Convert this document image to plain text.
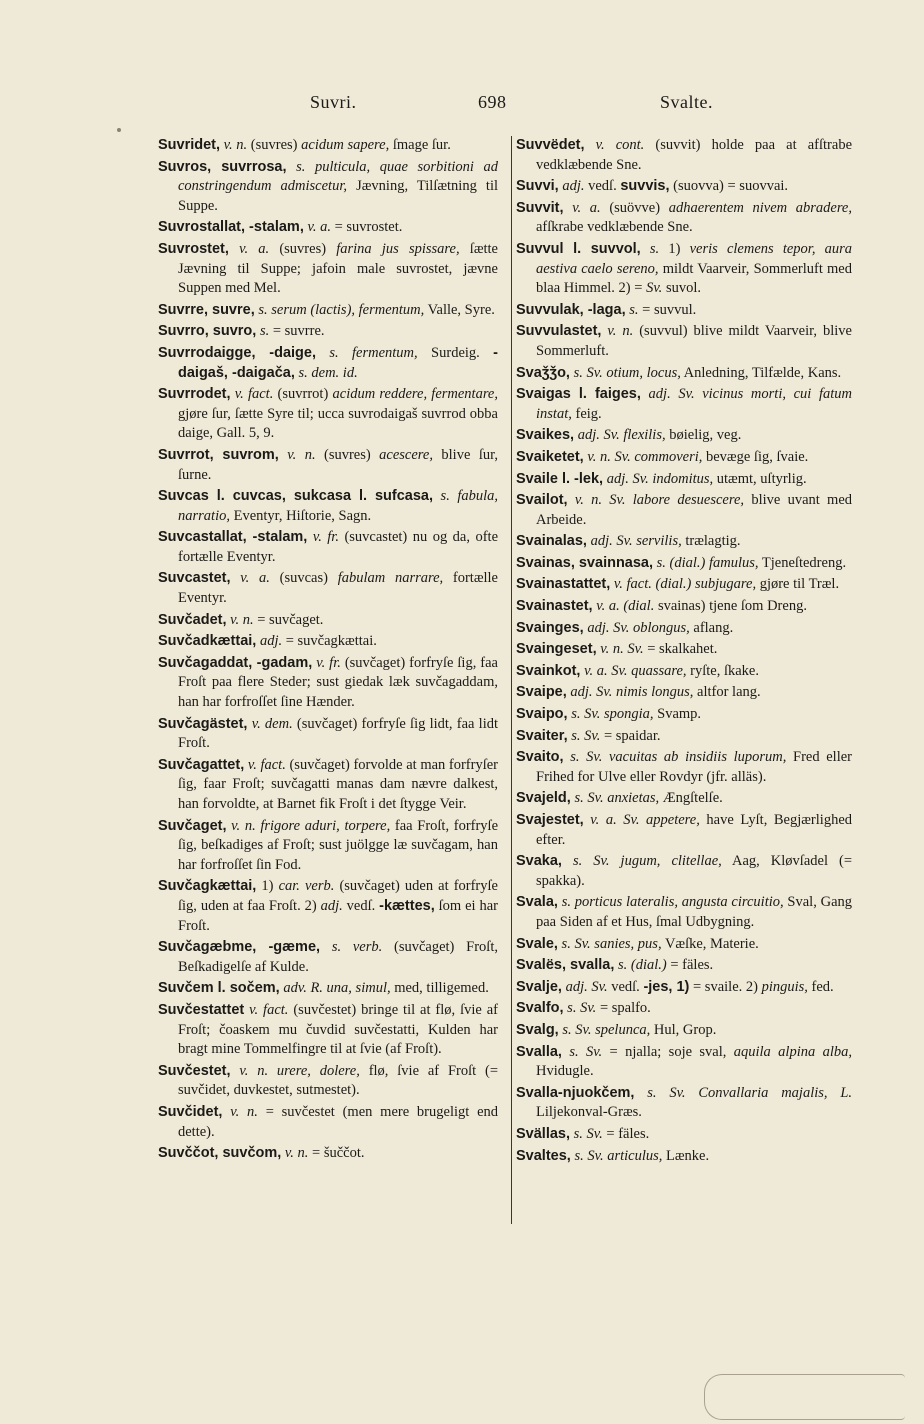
Suvri.	698	Svalte.
Suvridet, v. n. (suvres) acidum sapere, ſmage ſur.
Suvros, suvrrosa, s. pulticula, quae sorbitioni ad constringendum admiscetur, Jævning, Tilſætning til Suppe.
Suvrostallat, -stalam, v. a. = suvrostet.
Suvrostet, v. a. (suvres) farina jus spissare, ſætte Jævning til Suppe; jafoin male suvrostet, jævne Suppen med Mel.
Suvrre, suvre, s. serum (lactis), fermentum, Valle, Syre.
Suvrro, suvro, s. = suvrre.
Suvrrodaigge, -daige, s. fermentum, Surdeig. -daigaš, -daigača, s. dem. id.
Suvrrodet, v. fact. (suvrrot) acidum reddere, fermentare, gjøre ſur, ſætte Syre til; ucca suvrodaigaš suvrrod obba daige, Gall. 5, 9.
Suvrrot, suvrom, v. n. (suvres) acescere, blive ſur, ſurne.
Suvcas l. cuvcas, sukcasa l. sufcasa, s. fabula, narratio, Eventyr, Hiſtorie, Sagn.
Suvcastallat, -stalam, v. fr. (suvcastet) nu og da, ofte fortælle Eventyr.
Suvcastet, v. a. (suvcas) fabulam narrare, fortælle Eventyr.
Suvčadet, v. n. = suvčaget.
Suvčadkættai, adj. = suvčagkættai.
Suvčagaddat, -gadam, v. fr. (suvčaget) forfryſe ſig, faa Froſt paa flere Steder; sust giedak læk suvčagaddam, han har forfroſſet ſine Hænder.
Suvčagästet, v. dem. (suvčaget) forfryſe ſig lidt, faa lidt Froſt.
Suvčagattet, v. fact. (suvčaget) forvolde at man forfryſer ſig, faar Froſt; suvčagatti manas dam nævre dalkest, han forvoldte, at Barnet fik Froſt i det ſtygge Veir.
Suvčaget, v. n. frigore aduri, torpere, faa Froſt, forfryſe ſig, beſkadiges af Froſt; sust juölgge læ suvčagam, han har forfroſſet ſin Fod.
Suvčagkættai, 1) car. verb. (suvčaget) uden at forfryſe ſig, uden at faa Froſt. 2) adj. vedſ. -kættes, ſom ei har Froſt.
Suvčagæbme, -gæme, s. verb. (suvčaget) Froſt, Beſkadigelſe af Kulde.
Suvčem l. sočem, adv. R. una, simul, med, tilligemed.
Suvčestattet v. fact. (suvčestet) bringe til at flø, ſvie af Froſt; čoaskem mu čuvdid suvčestatti, Kulden har bragt mine Tommelfingre til at ſvie (af Froſt).
Suvčestet, v. n. urere, dolere, flø, ſvie af Froſt (= suvčidet, duvkestet, sutmestet).
Suvčidet, v. n. = suvčestet (men mere brugeligt end dette).
Suvččot, suvčom, v. n. = šuččot.
Suvvëdet, v. cont. (suvvit) holde paa at afſtrabe vedklæbende Sne.
Suvvi, adj. vedſ. suvvis, (suovva) = suovvai.
Suvvit, v. a. (suövve) adhaerentem nivem abradere, afſkrabe vedklæbende Sne.
Suvvul l. suvvol, s. 1) veris clemens tepor, aura aestiva caelo sereno, mildt Vaarveir, Sommerluft med blaa Himmel. 2) = Sv. suvol.
Suvvulak, -laga, s. = suvvul.
Suvvulastet, v. n. (suvvul) blive mildt Vaarveir, blive Sommerluft.
Svaǯǯo, s. Sv. otium, locus, Anledning, Tilfælde, Kans.
Svaigas l. faiges, adj. Sv. vicinus morti, cui fatum instat, feig.
Svaikes, adj. Sv. flexilis, bøielig, veg.
Svaiketet, v. n. Sv. commoveri, bevæge ſig, ſvaie.
Svaile l. -lek, adj. Sv. indomitus, utæmt, uſtyrlig.
Svailot, v. n. Sv. labore desuescere, blive uvant med Arbeide.
Svainalas, adj. Sv. servilis, trælagtig.
Svainas, svainnasa, s. (dial.) famulus, Tjeneſtedreng.
Svainastattet, v. fact. (dial.) subjugare, gjøre til Træl.
Svainastet, v. a. (dial. svainas) tjene ſom Dreng.
Svainges, adj. Sv. oblongus, aflang.
Svaingeset, v. n. Sv. = skalkahet.
Svainkot, v. a. Sv. quassare, ryſte, ſkake.
Svaipe, adj. Sv. nimis longus, altfor lang.
Svaipo, s. Sv. spongia, Svamp.
Svaiter, s. Sv. = spaidar.
Svaito, s. Sv. vacuitas ab insidiis luporum, Fred eller Frihed for Ulve eller Rovdyr (jfr. alläs).
Svajeld, s. Sv. anxietas, Ængſtelſe.
Svajestet, v. a. Sv. appetere, have Lyſt, Begjærlighed efter.
Svaka, s. Sv. jugum, clitellae, Aag, Kløvſadel (= spakka).
Svala, s. porticus lateralis, angusta circuitio, Sval, Gang paa Siden af et Hus, ſmal Udbygning.
Svale, s. Sv. sanies, pus, Væſke, Materie.
Svalës, svalla, s. (dial.) = fäles.
Svalje, adj. Sv. vedſ. -jes, 1) = svaile. 2) pinguis, fed.
Svalfo, s. Sv. = spalfo.
Svalg, s. Sv. spelunca, Hul, Grop.
Svalla, s. Sv. = njalla; soje sval, aquila alpina alba, Hvidugle.
Svalla-njuokčem, s. Sv. Convallaria majalis, L. Liljekonval-Græs.
Svällas, s. Sv. = fäles.
Svaltes, s. Sv. articulus, Lænke.
